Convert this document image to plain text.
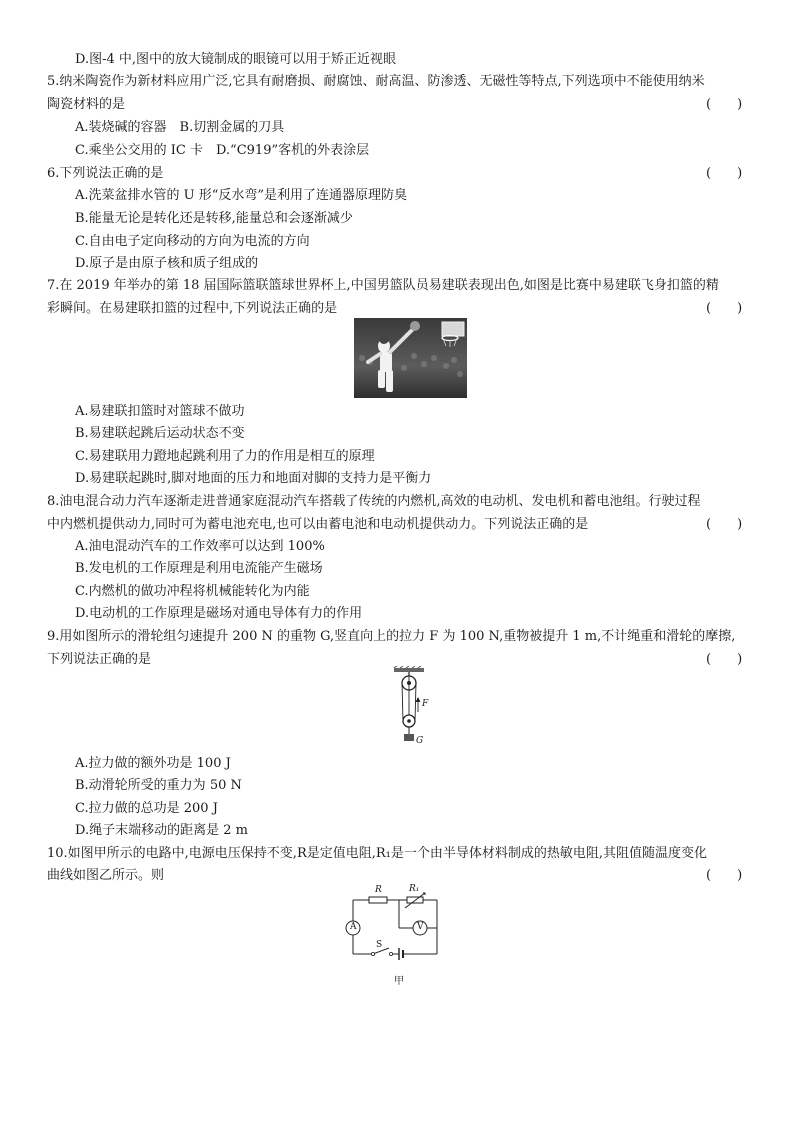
D.图-4 中,图中的放大镜制成的眼镜可以用于矫正近视眼
5.纳米陶瓷作为新材料应用广泛,它具有耐磨损、耐腐蚀、耐高温、防渗透、无磁性等特点,下列选项中不能使用纳米
陶瓷材料的是	(　　)
A.装烧碱的容器　B.切割金属的刀具
C.乘坐公交用的 IC 卡　D.“C919”客机的外表涂层
6.下列说法正确的是	(　　)
A.洗菜盆排水管的 U 形“反水弯”是利用了连通器原理防臭
B.能量无论是转化还是转移,能量总和会逐渐减少
C.自由电子定向移动的方向为电流的方向
D.原子是由原子核和质子组成的
7.在 2019 年举办的第 18 届国际篮联篮球世界杯上,中国男篮队员易建联表现出色,如图是比赛中易建联飞身扣篮的精
彩瞬间。在易建联扣篮的过程中,下列说法正确的是	(　　)
A.易建联扣篮时对篮球不做功
B.易建联起跳后运动状态不变
C.易建联用力蹬地起跳利用了力的作用是相互的原理
D.易建联起跳时,脚对地面的压力和地面对脚的支持力是平衡力
8.油电混合动力汽车逐渐走进普通家庭混动汽车搭载了传统的内燃机,高效的电动机、发电机和蓄电池组。行驶过程
中内燃机提供动力,同时可为蓄电池充电,也可以由蓄电池和电动机提供动力。下列说法正确的是	(　　)
A.油电混动汽车的工作效率可以达到 100%
B.发电机的工作原理是利用电流能产生磁场
C.内燃机的做功冲程将机械能转化为内能
D.电动机的工作原理是磁场对通电导体有力的作用
9.用如图所示的滑轮组匀速提升 200 N 的重物 G,竖直向上的拉力 F 为 100 N,重物被提升 1 m,不计绳重和滑轮的摩擦,
下列说法正确的是	(　　)
F
G
A.拉力做的额外功是 100 J
B.动滑轮所受的重力为 50 N
C.拉力做的总功是 200 J
D.绳子末端移动的距离是 2 m
10.如图甲所示的电路中,电源电压保持不变,R是定值电阻,R₁是一个由半导体材料制成的热敏电阻,其阻值随温度变化
曲线如图乙所示。则	(　　)
R	R₁
A	V
S
甲
